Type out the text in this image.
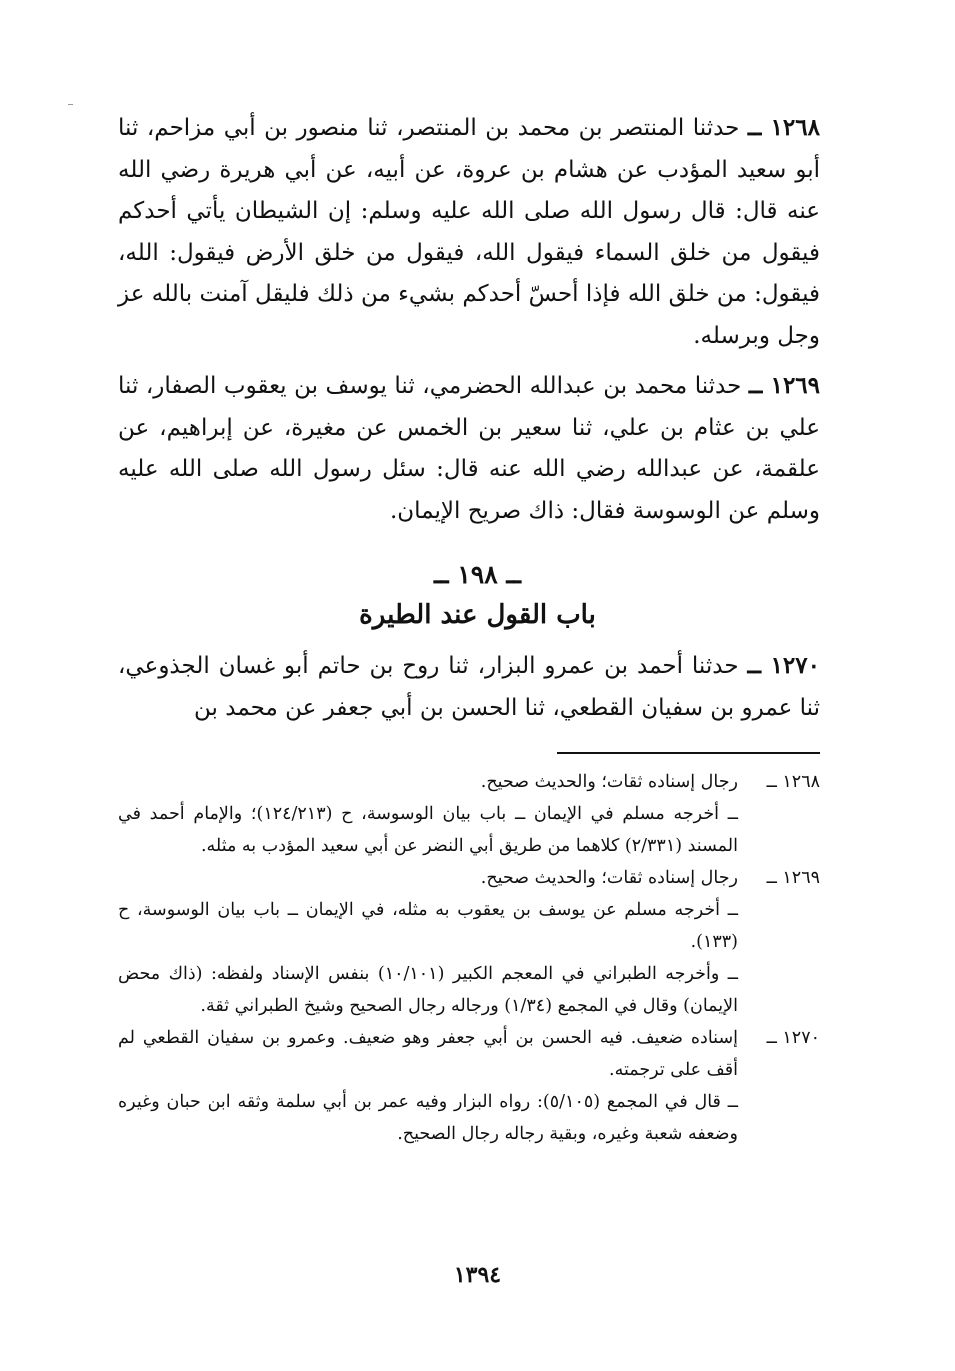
١٢٦٨ ــ حدثنا المنتصر بن محمد بن المنتصر، ثنا منصور بن أبي مزاحم، ثنا أبو سعيد المؤدب عن هشام بن عروة، عن أبيه، عن أبي هريرة رضي الله عنه قال: قال رسول الله صلى الله عليه وسلم: إن الشيطان يأتي أحدكم فيقول من خلق السماء فيقول الله، فيقول من خلق الأرض فيقول: الله، فيقول: من خلق الله فإذا أحسّ أحدكم بشيء من ذلك فليقل آمنت بالله عز وجل وبرسله.
١٢٦٩ ــ حدثنا محمد بن عبدالله الحضرمي، ثنا يوسف بن يعقوب الصفار، ثنا علي بن عثام بن علي، ثنا سعير بن الخمس عن مغيرة، عن إبراهيم، عن علقمة، عن عبدالله رضي الله عنه قال: سئل رسول الله صلى الله عليه وسلم عن الوسوسة فقال: ذاك صريح الإيمان.
ــ ١٩٨ ــ
باب القول عند الطيرة
١٢٧٠ ــ حدثنا أحمد بن عمرو البزار، ثنا روح بن حاتم أبو غسان الجذوعي، ثنا عمرو بن سفيان القطعي، ثنا الحسن بن أبي جعفر عن محمد بن
١٢٦٨ ــ
رجال إسناده ثقات؛ والحديث صحيح.
ــ أخرجه مسلم في الإيمان ــ باب بيان الوسوسة، ح (١٢٤/٢١٣)؛ والإمام أحمد في المسند (٢/٣٣١) كلاهما من طريق أبي النضر عن أبي سعيد المؤدب به مثله.
١٢٦٩ ــ
رجال إسناده ثقات؛ والحديث صحيح.
ــ أخرجه مسلم عن يوسف بن يعقوب به مثله، في الإيمان ــ باب بيان الوسوسة، ح (١٣٣).
ــ وأخرجه الطبراني في المعجم الكبير (١٠/١٠١) بنفس الإسناد ولفظه: (ذاك محض الإيمان) وقال في المجمع (١/٣٤) ورجاله رجال الصحيح وشيخ الطبراني ثقة.
١٢٧٠ ــ
إسناده ضعيف. فيه الحسن بن أبي جعفر وهو ضعيف. وعمرو بن سفيان القطعي لم أقف على ترجمته.
ــ قال في المجمع (٥/١٠٥): رواه البزار وفيه عمر بن أبي سلمة وثقه ابن حبان وغيره وضعفه شعبة وغيره، وبقية رجاله رجال الصحيح.
١٣٩٤
